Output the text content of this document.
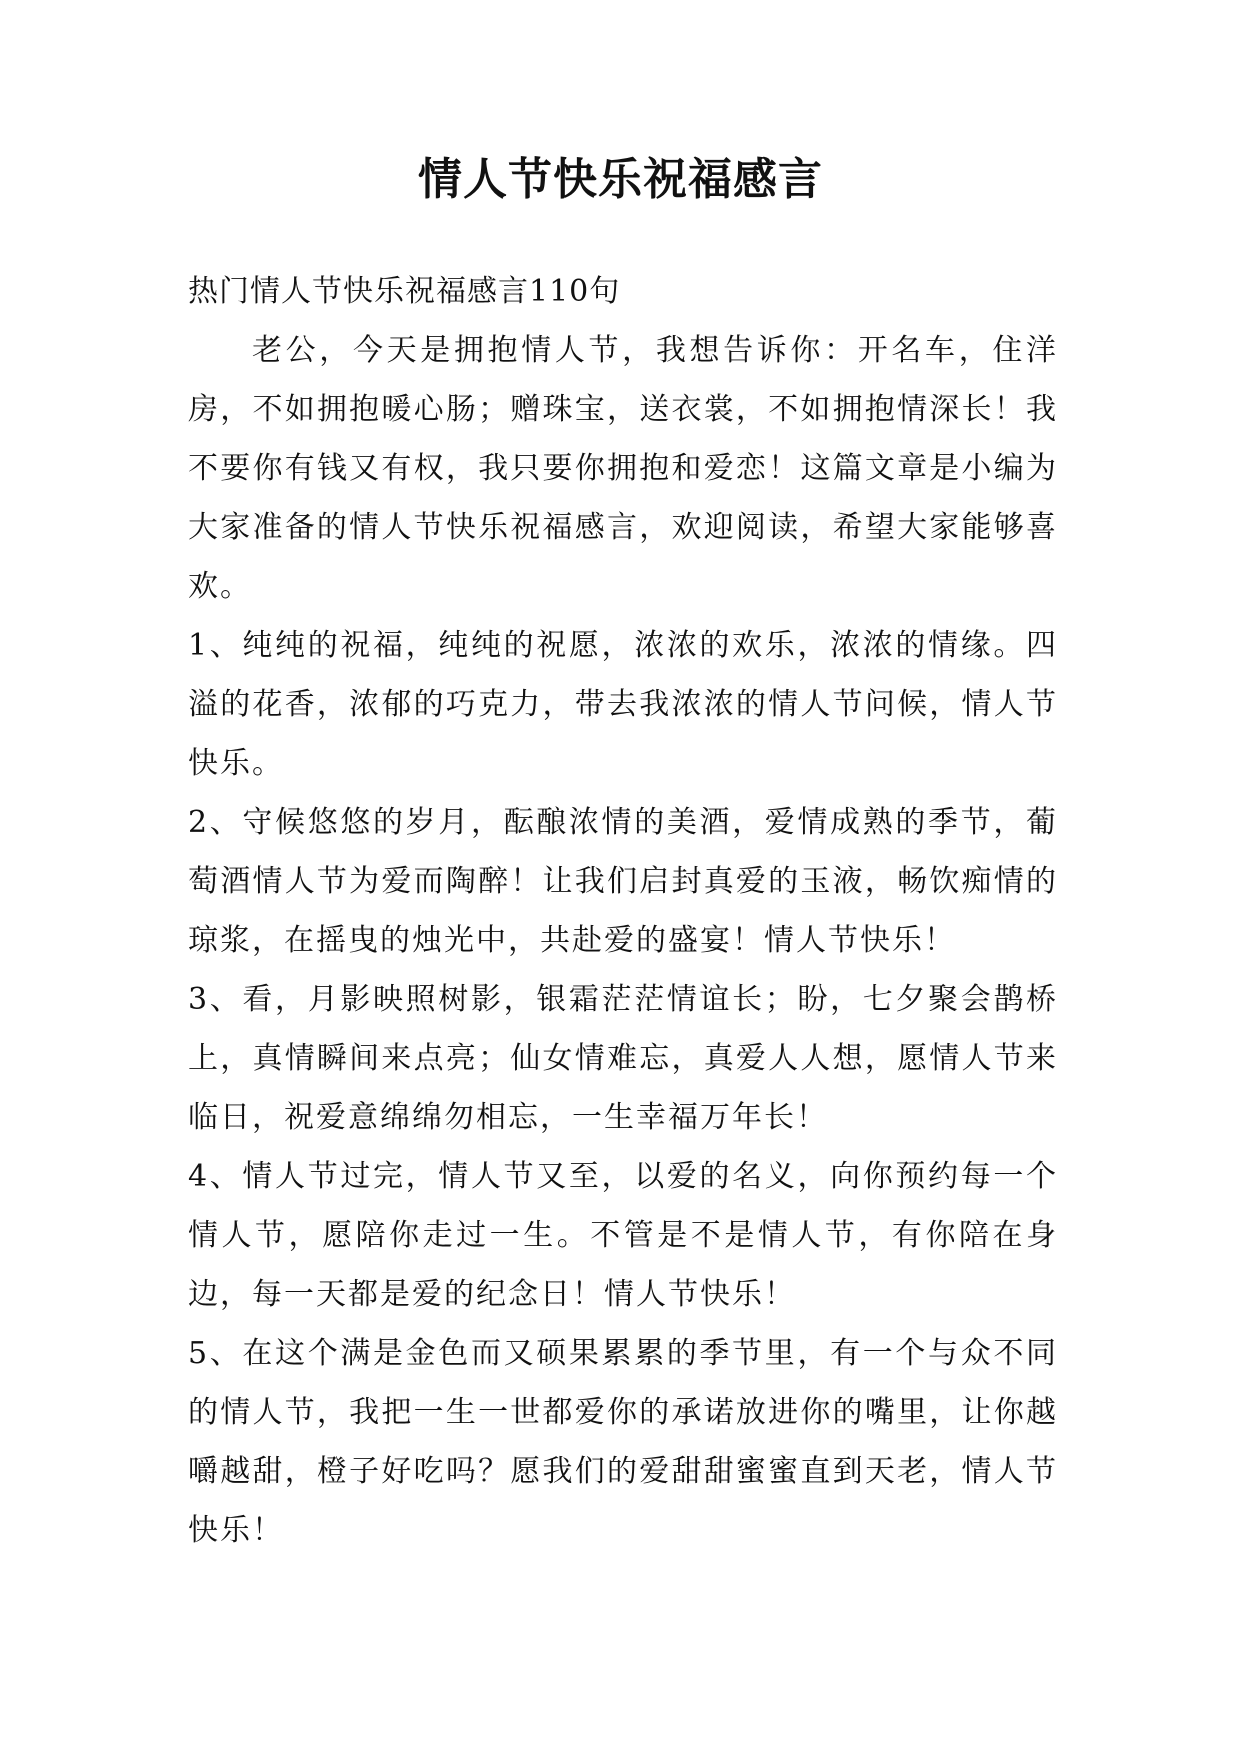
情人节快乐祝福感言

热门情人节快乐祝福感言110句

老公，今天是拥抱情人节，我想告诉你：开名车，住洋房，不如拥抱暖心肠；赠珠宝，送衣裳，不如拥抱情深长！我不要你有钱又有权，我只要你拥抱和爱恋！这篇文章是小编为大家准备的情人节快乐祝福感言，欢迎阅读，希望大家能够喜欢。

1、纯纯的祝福，纯纯的祝愿，浓浓的欢乐，浓浓的情缘。四溢的花香，浓郁的巧克力，带去我浓浓的情人节问候，情人节快乐。

2、守候悠悠的岁月，酝酿浓情的美酒，爱情成熟的季节，葡萄酒情人节为爱而陶醉！让我们启封真爱的玉液，畅饮痴情的琼浆，在摇曳的烛光中，共赴爱的盛宴！情人节快乐！

3、看，月影映照树影，银霜茫茫情谊长；盼，七夕聚会鹊桥上，真情瞬间来点亮；仙女情难忘，真爱人人想，愿情人节来临日，祝爱意绵绵勿相忘，一生幸福万年长！

4、情人节过完，情人节又至，以爱的名义，向你预约每一个情人节，愿陪你走过一生。不管是不是情人节，有你陪在身边，每一天都是爱的纪念日！情人节快乐！

5、在这个满是金色而又硕果累累的季节里，有一个与众不同的情人节，我把一生一世都爱你的承诺放进你的嘴里，让你越嚼越甜，橙子好吃吗？愿我们的爱甜甜蜜蜜直到天老，情人节快乐！
